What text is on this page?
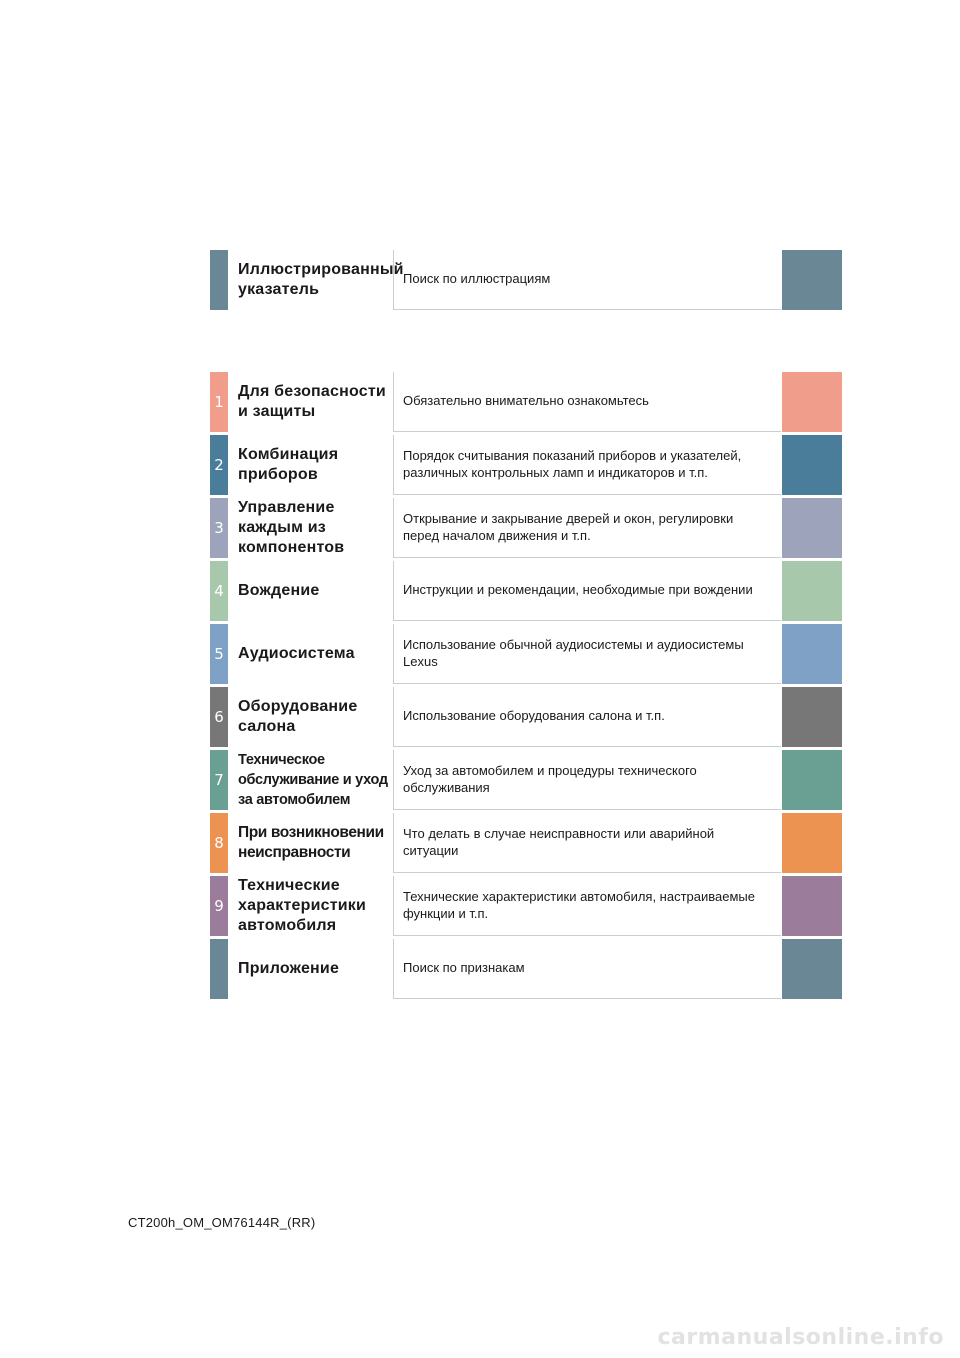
Иллюстрированный
указатель
Поиск по иллюстрациям
1
Для безопасности
и защиты
Обязательно внимательно ознакомьтесь
2
Комбинация
приборов
Порядок считывания показаний приборов и указателей,
различных контрольных ламп и индикаторов и т.п.
3
Управление
каждым из
компонентов
Открывание и закрывание дверей и окон, регулировки
перед началом движения и т.п.
4 Вождение	Инструкции и рекомендации, необходимые при вождении
5 Аудиосистема
Использование обычной аудиосистемы и аудиосистемы
Lexus
6
Оборудование
салона
Использование оборудования салона и т.п.
7
Техническое
обслуживание и уход
за автомобилем
Уход за автомобилем и процедуры технического
обслуживания
8
При возникновении
неисправности
Что делать в случае неисправности или аварийной
ситуации
9
Технические
характеристики
автомобиля
Технические характеристики автомобиля, настраиваемые
функции и т.п.
Приложение	Поиск по признакам
CT200h_OM_OM76144R_(RR)
carmanualsonline.info
